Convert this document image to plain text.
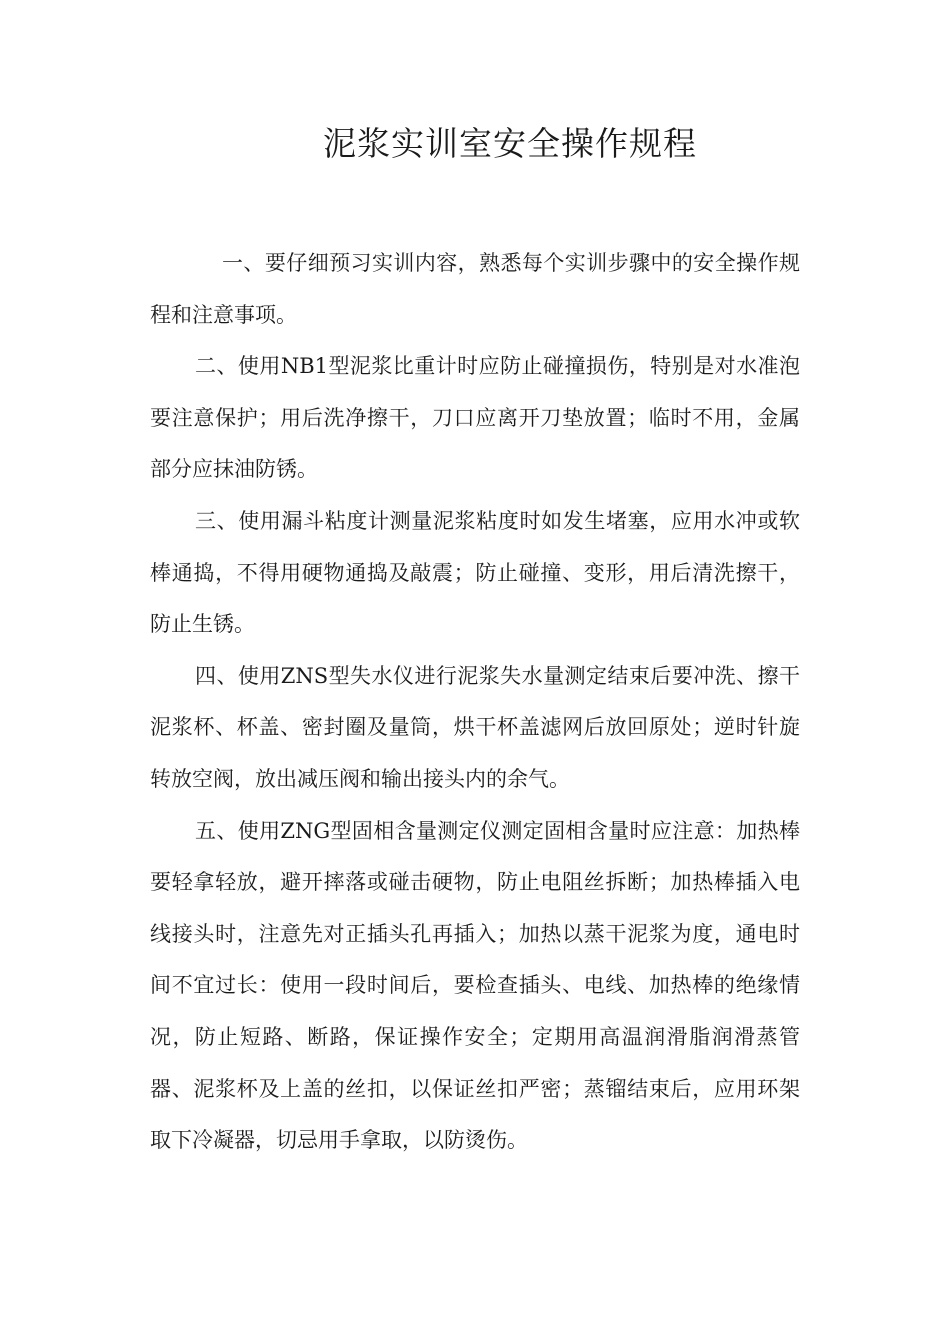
泥浆实训室安全操作规程

一、要仔细预习实训内容，熟悉每个实训步骤中的安全操作规程和注意事项。

二、使用NB1型泥浆比重计时应防止碰撞损伤，特别是对水准泡要注意保护；用后洗净擦干，刀口应离开刀垫放置；临时不用，金属部分应抹油防锈。

三、使用漏斗粘度计测量泥浆粘度时如发生堵塞，应用水冲或软棒通捣，不得用硬物通捣及敲震；防止碰撞、变形，用后清洗擦干，防止生锈。

四、使用ZNS型失水仪进行泥浆失水量测定结束后要冲洗、擦干泥浆杯、杯盖、密封圈及量筒，烘干杯盖滤网后放回原处；逆时针旋转放空阀，放出减压阀和输出接头内的余气。

五、使用ZNG型固相含量测定仪测定固相含量时应注意：加热棒要轻拿轻放，避开摔落或碰击硬物，防止电阻丝拆断；加热棒插入电线接头时，注意先对正插头孔再插入；加热以蒸干泥浆为度，通电时间不宜过长：使用一段时间后，要检查插头、电线、加热棒的绝缘情况，防止短路、断路，保证操作安全；定期用高温润滑脂润滑蒸管器、泥浆杯及上盖的丝扣，以保证丝扣严密；蒸镏结束后，应用环架取下冷凝器，切忌用手拿取，以防烫伤。
